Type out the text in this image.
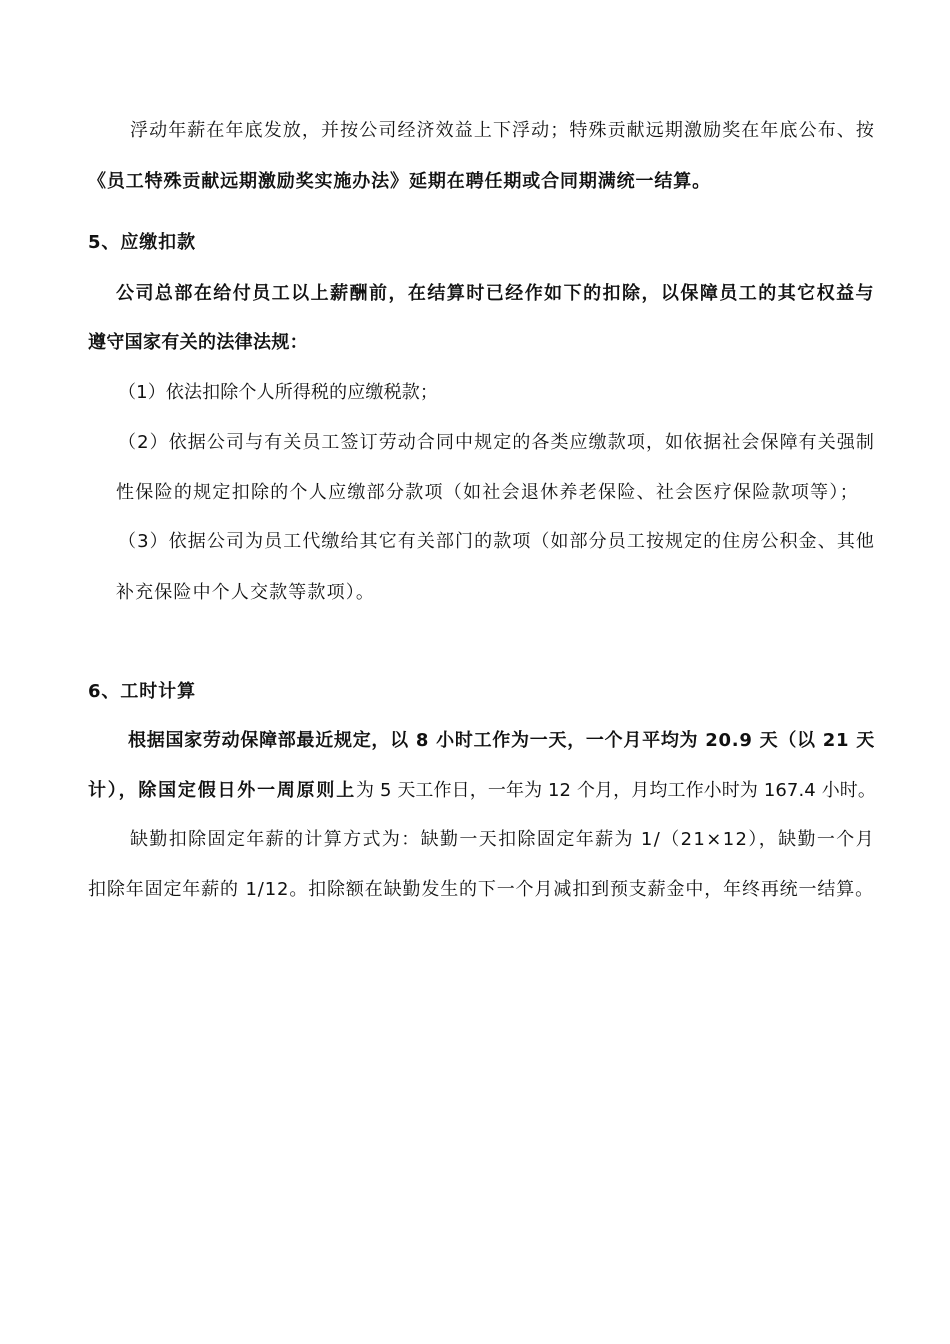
浮动年薪在年底发放，并按公司经济效益上下浮动；特殊贡献远期激励奖在年底公布、按
《员工特殊贡献远期激励奖实施办法》延期在聘任期或合同期满统一结算。
5、应缴扣款
公司总部在给付员工以上薪酬前，在结算时已经作如下的扣除，以保障员工的其它权益与
遵守国家有关的法律法规：
（1）依法扣除个人所得税的应缴税款；
（2）依据公司与有关员工签订劳动合同中规定的各类应缴款项，如依据社会保障有关强制
性保险的规定扣除的个人应缴部分款项（如社会退休养老保险、社会医疗保险款项等）；
（3）依据公司为员工代缴给其它有关部门的款项（如部分员工按规定的住房公积金、其他
补充保险中个人交款等款项）。
6、工时计算
根据国家劳动保障部最近规定，以 8 小时工作为一天，一个月平均为 20.9 天（以 21 天
计），除国定假日外一周原则上为 5 天工作日，一年为 12 个月，月均工作小时为 167.4 小时。
缺勤扣除固定年薪的计算方式为：缺勤一天扣除固定年薪为 1/（21×12），缺勤一个月
扣除年固定年薪的 1/12。扣除额在缺勤发生的下一个月减扣到预支薪金中，年终再统一结算。
